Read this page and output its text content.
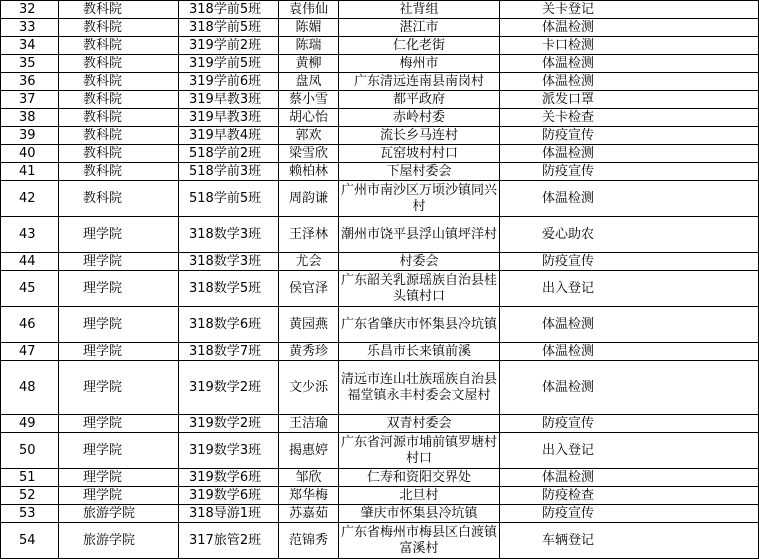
32	教科院	318学前5班	袁伟仙	社背组	关卡登记
33	教科院	318学前5班	陈媚	湛江市	体温检测
34	教科院	319学前2班	陈瑞	仁化老街	卡口检测
35	教科院	319学前5班	黄柳	梅州市	体温检测
36	教科院	319学前6班	盘凤	广东清远连南县南岗村	体温检测
37	教科院	319早教3班	蔡小雪	都平政府	派发口罩
38	教科院	319早教3班	胡心怡	赤岭村委	关卡检查
39	教科院	319早教4班	郭欢	流长乡马连村	防疫宣传
40	教科院	518学前2班	梁雪欣	瓦窑坡村村口	体温检测
41	教科院	518学前3班	赖柏林	下屋村委会	防疫宣传
42	教科院	518学前5班	周韵谦	广州市南沙区万顷沙镇同兴村	体温检测
43	理学院	318数学3班	王泽林	潮州市饶平县浮山镇坪洋村	爱心助农
44	理学院	318数学3班	尤会	村委会	防疫宣传
45	理学院	318数学5班	侯官泽	广东韶关乳源瑶族自治县桂头镇村口	出入登记
46	理学院	318数学6班	黄园燕	广东省肇庆市怀集县冷坑镇	体温检测
47	理学院	318数学7班	黄秀珍	乐昌市长来镇前溪	体温检测
48	理学院	319数学2班	文少泺	清远市连山壮族瑶族自治县福堂镇永丰村委会文屋村	体温检测
49	理学院	319数学2班	王洁瑜	双青村委会	防疫宣传
50	理学院	319数学3班	揭惠婷	广东省河源市埔前镇罗塘村村口	出入登记
51	理学院	319数学6班	邹欣	仁寿和资阳交界处	体温检测
52	理学院	319数学6班	郑华梅	北旦村	防疫检查
53	旅游学院	318导游1班	苏嘉茹	肇庆市怀集县冷坑镇	防疫宣传
54	旅游学院	317旅管2班	范锦秀	广东省梅州市梅县区白渡镇富溪村	车辆登记
